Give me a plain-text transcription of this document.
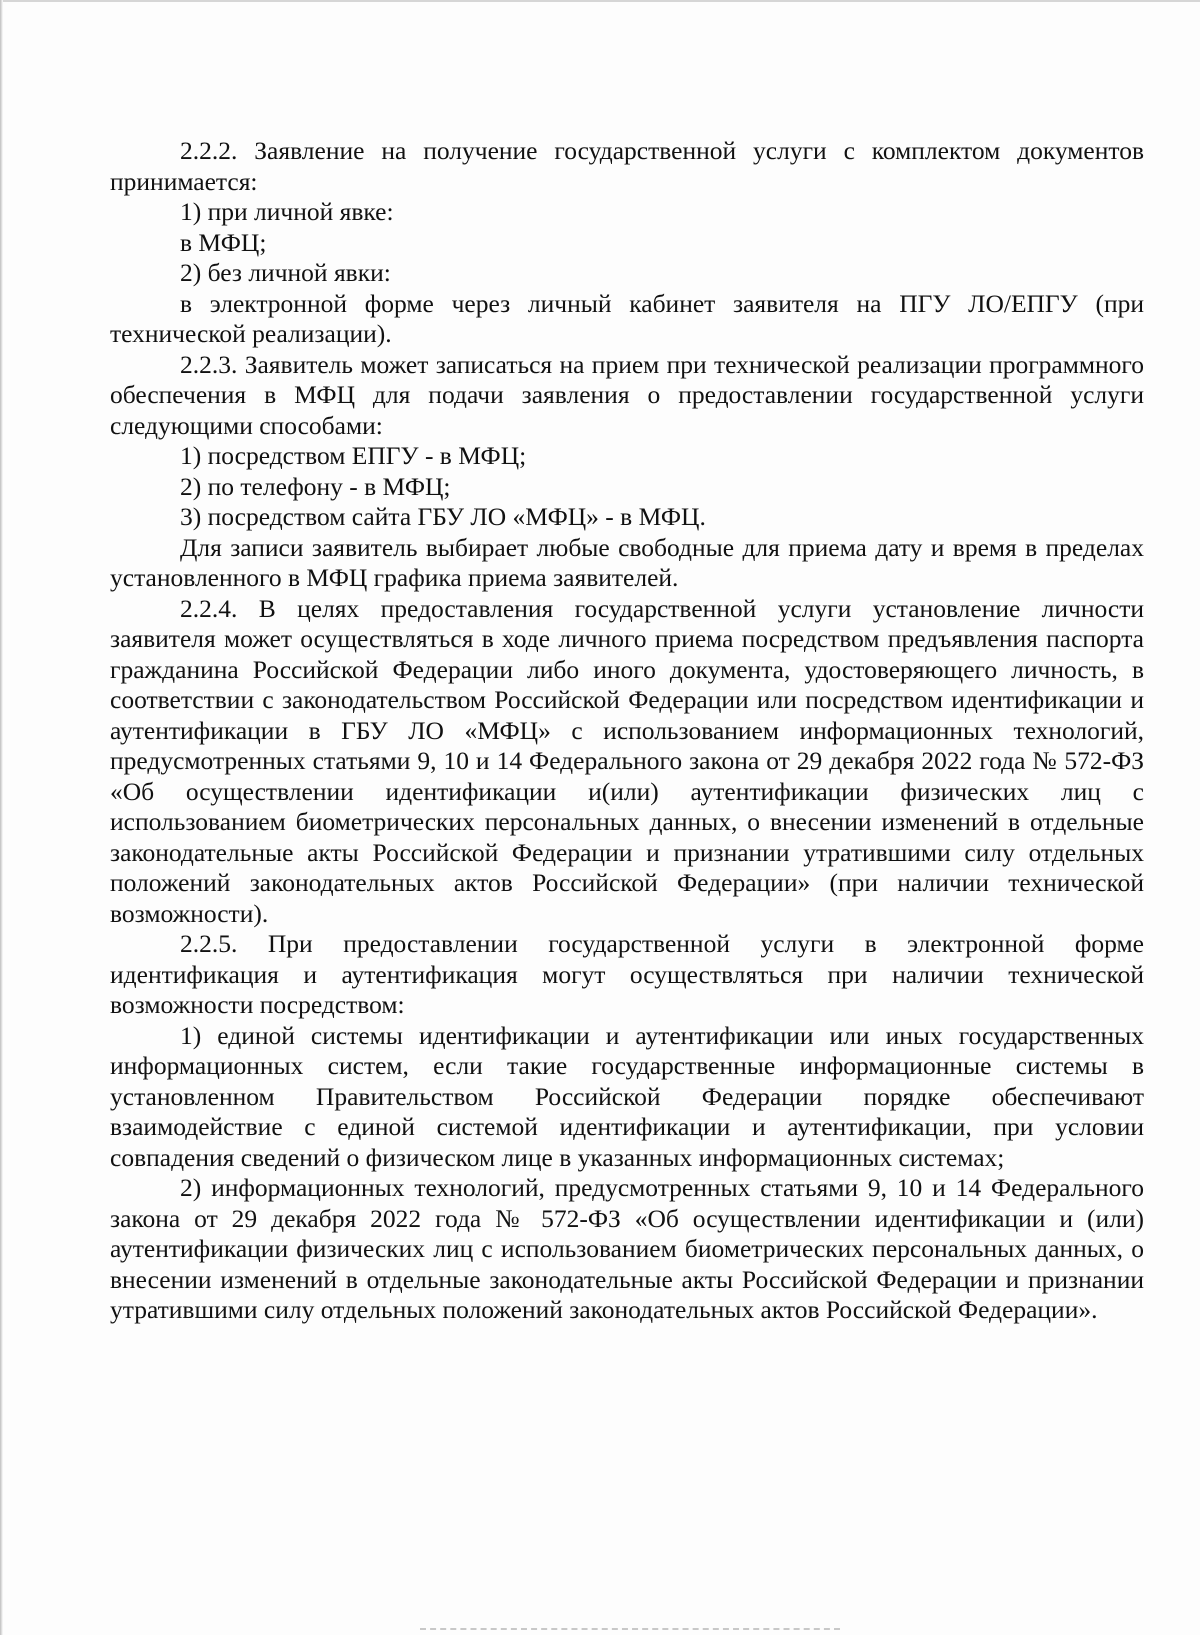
2.2.2. Заявление на получение государственной услуги с комплектом документов принимается:

1) при личной явке:

в МФЦ;

2) без личной явки:

в электронной форме через личный кабинет заявителя на ПГУ ЛО/ЕПГУ (при технической реализации).

2.2.3. Заявитель может записаться на прием при технической реализации программного обеспечения в МФЦ для подачи заявления о предоставлении государственной услуги следующими способами:

1) посредством ЕПГУ - в МФЦ;

2) по телефону - в МФЦ;

3) посредством сайта ГБУ ЛО «МФЦ» - в МФЦ.

Для записи заявитель выбирает любые свободные для приема дату и время в пределах установленного в МФЦ графика приема заявителей.

2.2.4. В целях предоставления государственной услуги установление личности заявителя может осуществляться в ходе личного приема посредством предъявления паспорта гражданина Российской Федерации либо иного документа, удостоверяющего личность, в соответствии с законодательством Российской Федерации или посредством идентификации и аутентификации в ГБУ ЛО «МФЦ» с использованием информационных технологий, предусмотренных статьями 9, 10 и 14 Федерального закона от 29 декабря 2022 года № 572-ФЗ «Об осуществлении идентификации и(или) аутентификации физических лиц с использованием биометрических персональных данных, о внесении изменений в отдельные законодательные акты Российской Федерации и признании утратившими силу отдельных положений законодательных актов Российской Федерации» (при наличии технической возможности).

2.2.5. При предоставлении государственной услуги в электронной форме идентификация и аутентификация могут осуществляться при наличии технической возможности посредством:

1) единой системы идентификации и аутентификации или иных государственных информационных систем, если такие государственные информационные системы в установленном Правительством Российской Федерации порядке обеспечивают взаимодействие с единой системой идентификации и аутентификации, при условии совпадения сведений о физическом лице в указанных информационных системах;

2) информационных технологий, предусмотренных статьями 9, 10 и 14 Федерального закона от 29 декабря 2022 года № 572-ФЗ «Об осуществлении идентификации и (или) аутентификации физических лиц с использованием биометрических персональных данных, о внесении изменений в отдельные законодательные акты Российской Федерации и признании утратившими силу отдельных положений законодательных актов Российской Федерации».
